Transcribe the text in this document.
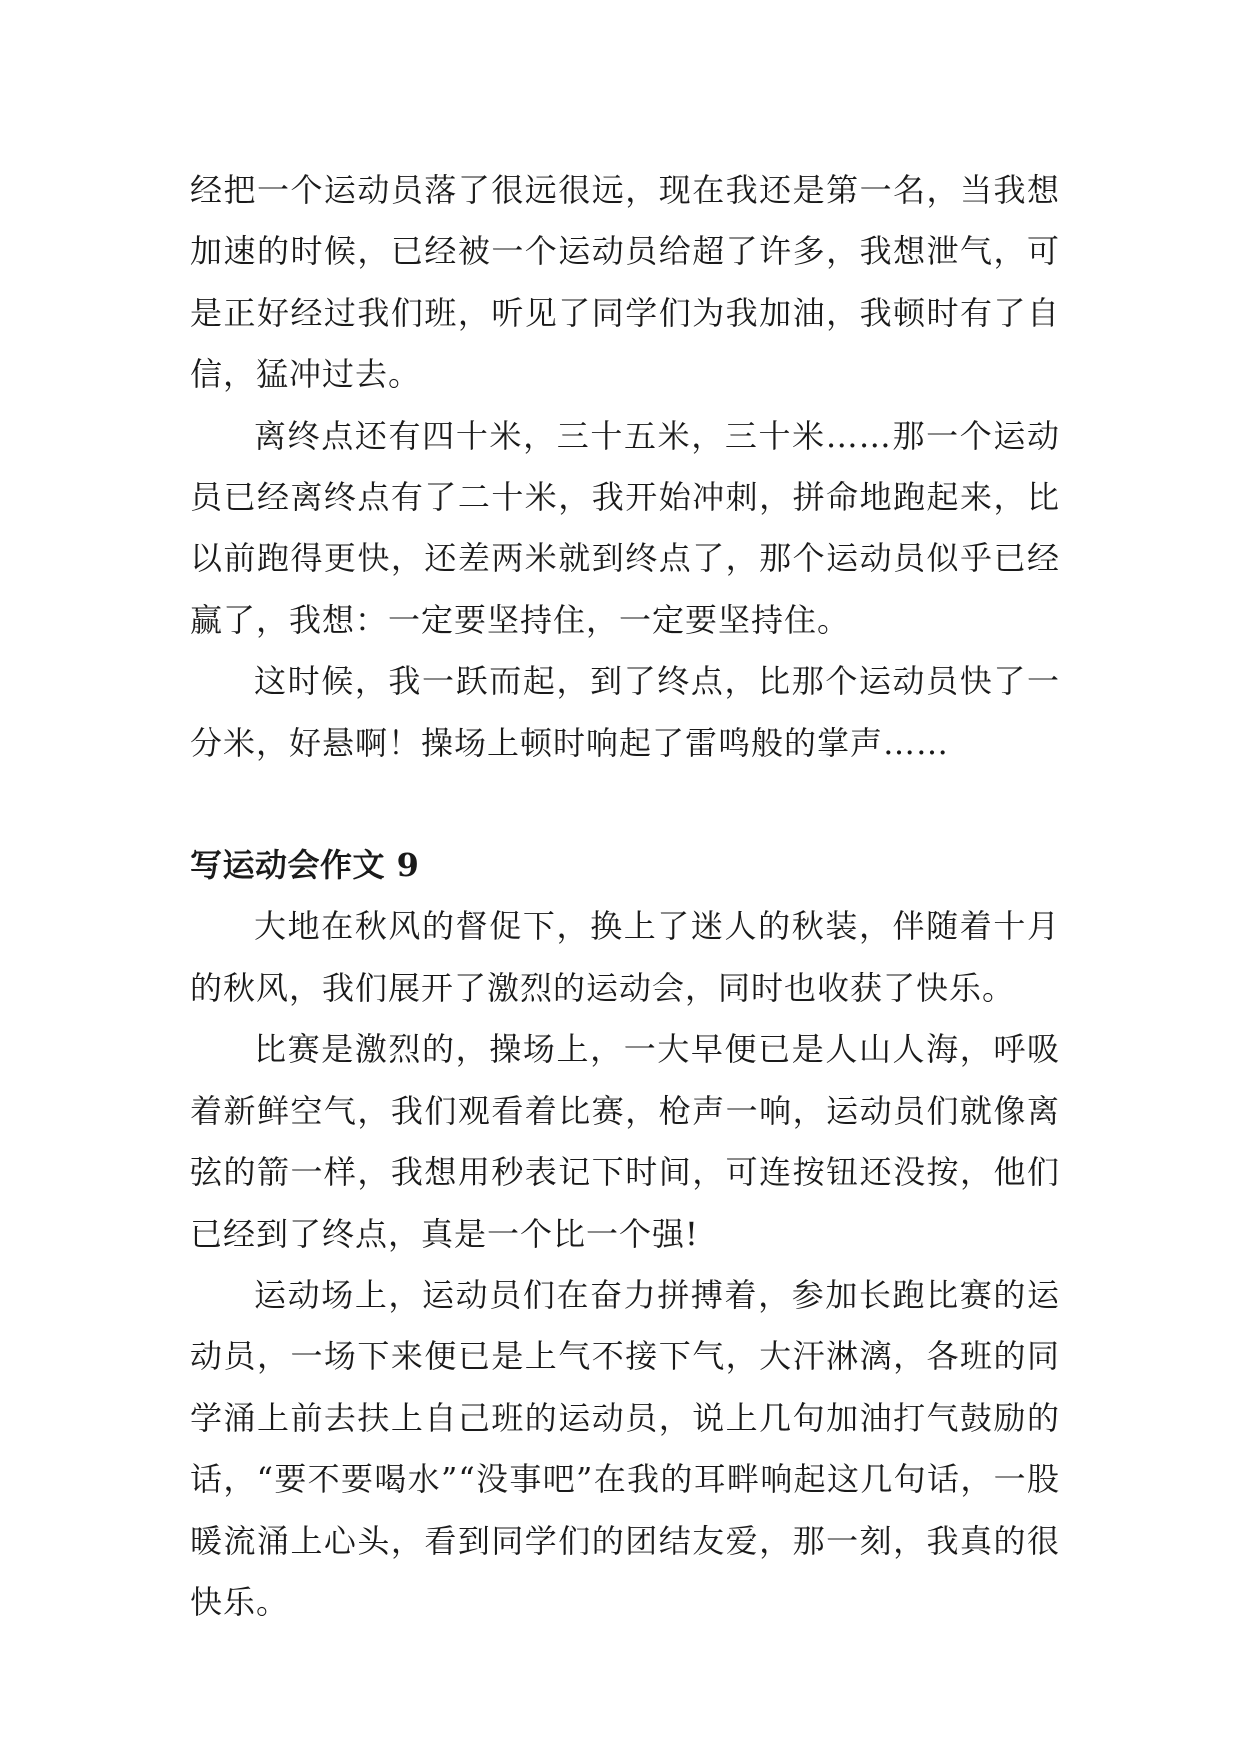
经把一个运动员落了很远很远，现在我还是第一名，当我想加速的时候，已经被一个运动员给超了许多，我想泄气，可是正好经过我们班，听见了同学们为我加油，我顿时有了自信，猛冲过去。

离终点还有四十米，三十五米，三十米……那一个运动员已经离终点有了二十米，我开始冲刺，拼命地跑起来，比以前跑得更快，还差两米就到终点了，那个运动员似乎已经赢了，我想：一定要坚持住，一定要坚持住。

这时候，我一跃而起，到了终点，比那个运动员快了一分米，好悬啊！操场上顿时响起了雷鸣般的掌声……

写运动会作文 9

大地在秋风的督促下，换上了迷人的秋装，伴随着十月的秋风，我们展开了激烈的运动会，同时也收获了快乐。

比赛是激烈的，操场上，一大早便已是人山人海，呼吸着新鲜空气，我们观看着比赛，枪声一响，运动员们就像离弦的箭一样，我想用秒表记下时间，可连按钮还没按，他们已经到了终点，真是一个比一个强!

运动场上，运动员们在奋力拼搏着，参加长跑比赛的运动员，一场下来便已是上气不接下气，大汗淋漓，各班的同学涌上前去扶上自己班的运动员，说上几句加油打气鼓励的话，“要不要喝水”“没事吧”在我的耳畔响起这几句话，一股暖流涌上心头，看到同学们的团结友爱，那一刻，我真的很快乐。
